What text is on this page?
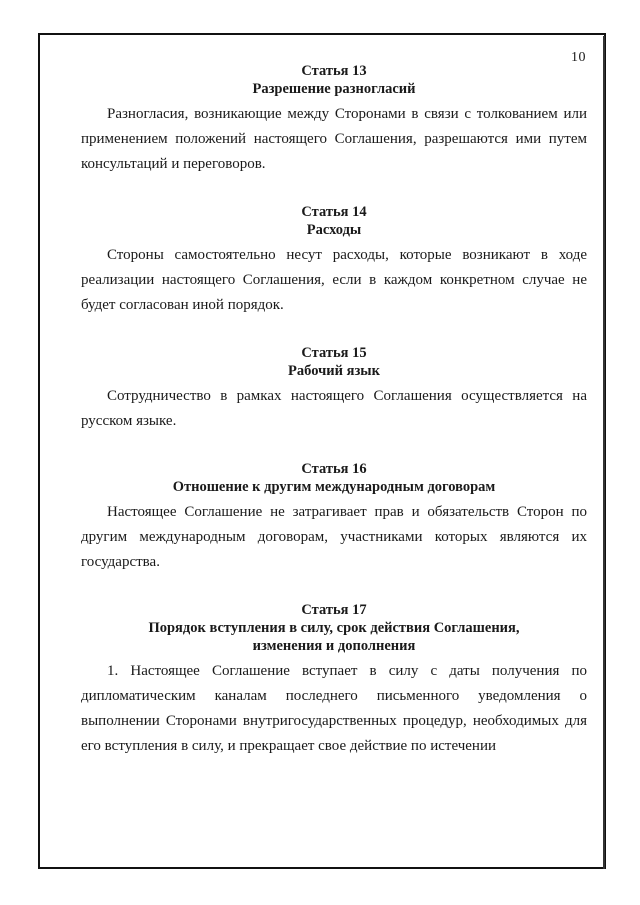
10

Статья 13

Разрешение разногласий

Разногласия, возникающие между Сторонами в связи с толкованием или применением положений настоящего Соглашения, разрешаются ими путем консультаций и переговоров.

Статья 14

Расходы

Стороны самостоятельно несут расходы, которые возникают в ходе реализации настоящего Соглашения, если в каждом конкретном случае не будет согласован иной порядок.

Статья 15

Рабочий язык

Сотрудничество в рамках настоящего Соглашения осуществляется на русском языке.

Статья 16

Отношение к другим международным договорам

Настоящее Соглашение не затрагивает прав и обязательств Сторон по другим международным договорам, участниками которых являются их государства.

Статья 17

Порядок вступления в силу, срок действия Соглашения,

изменения и дополнения

1. Настоящее Соглашение вступает в силу с даты получения по дипломатическим каналам последнего письменного уведомления о выполнении Сторонами внутригосударственных процедур, необходимых для его вступления в силу, и прекращает свое действие по истечении
